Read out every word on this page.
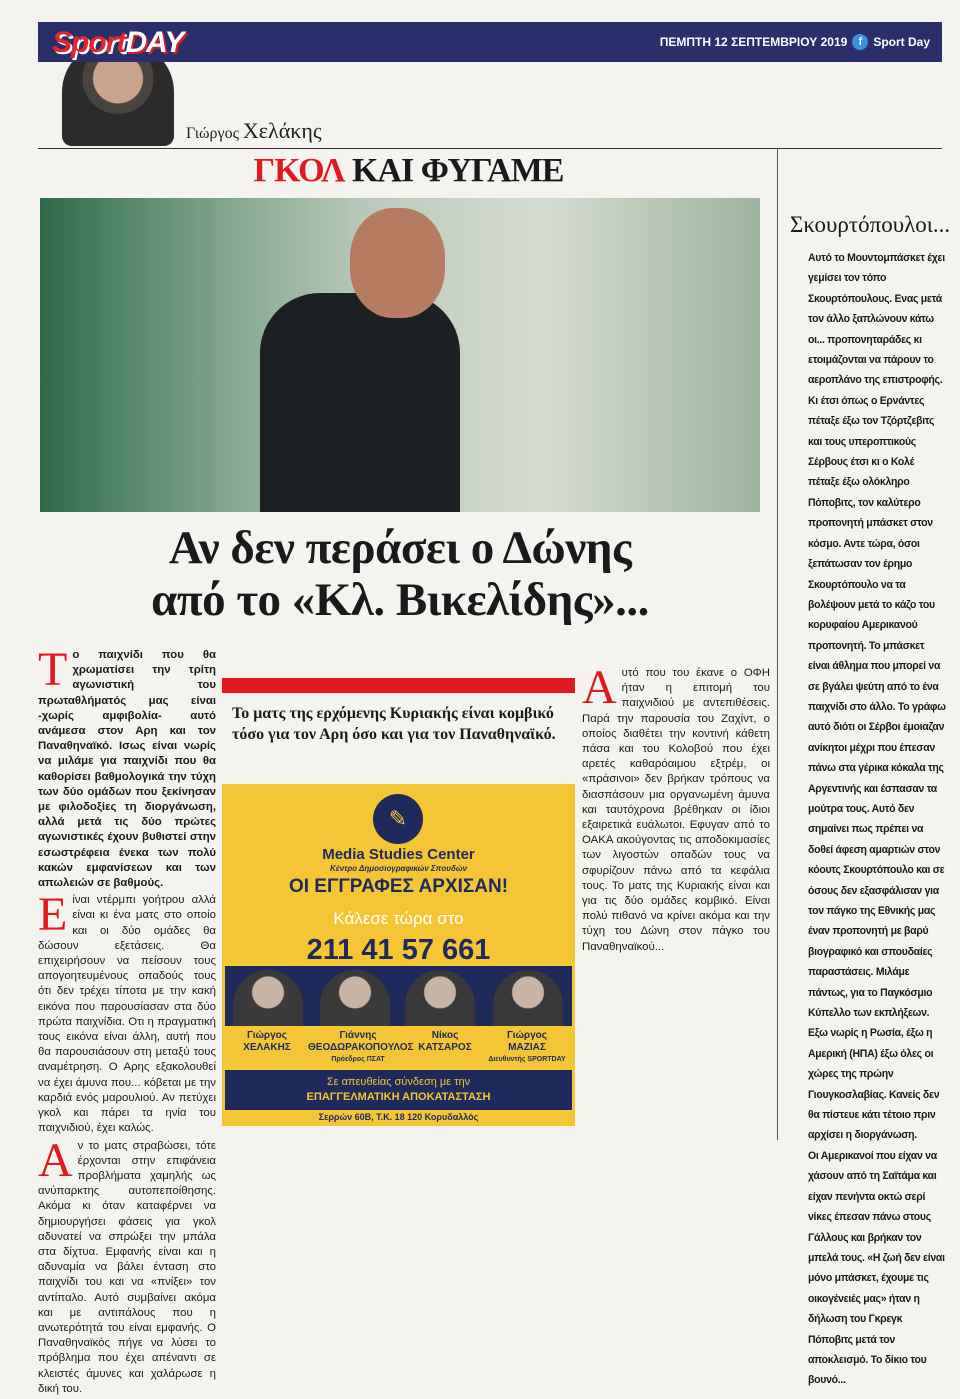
SportDAY	ΠΕΜΠΤΗ 12 ΣΕΠΤΕΜΒΡΙΟΥ 2019	f Sport Day
Γιώργος Χελάκης
ΓΚΟΛ ΚΑΙ ΦΥΓΑΜΕ
Αν δεν περάσει ο Δώνης
από το «Κλ. Βικελίδης»...

Το παιχνίδι που θα χρωματίσει την τρίτη αγωνιστική του πρωταθλήματός μας είναι -χωρίς αμφιβολία- αυτό ανάμεσα στον Αρη και τον Παναθηναϊκό. Ισως είναι νωρίς να μιλάμε για παιχνίδι που θα καθορίσει βαθμολογικά την τύχη των δύο ομάδων που ξεκίνησαν με φιλοδοξίες τη διοργάνωση, αλλά μετά τις δύο πρώτες αγωνιστικές έχουν βυθιστεί στην εσωστρέφεια ένεκα των πολύ κακών εμφανίσεων και των απωλειών σε βαθμούς.

Είναι ντέρμπι γοήτρου αλλά είναι κι ένα ματς στο οποίο και οι δύο ομάδες θα δώσουν εξετάσεις. Θα επιχειρήσουν να πείσουν τους απογοητευμένους οπαδούς τους ότι δεν τρέχει τίποτα με την κακή εικόνα που παρουσίασαν στα δύο πρώτα παιχνίδια. Οτι η πραγματική τους εικόνα είναι άλλη, αυτή που θα παρουσιάσουν στη μεταξύ τους αναμέτρηση. Ο Αρης εξακολουθεί να έχει άμυνα που... κόβεται με την καρδιά ενός μαρουλιού. Αν πετύχει γκολ και πάρει τα ηνία του παιχνιδιού, έχει καλώς.

Αν το ματς στραβώσει, τότε έρχονται στην επιφάνεια προβλήματα χαμηλής ως ανύπαρκτης αυτοπεποίθησης. Ακόμα κι όταν καταφέρνει να δημιουργήσει φάσεις για γκολ αδυνατεί να σπρώξει την μπάλα στα δίχτυα. Εμφανής είναι και η αδυναμία να βάλει ένταση στο παιχνίδι του και να «πνίξει» τον αντίπαλο. Αυτό συμβαίνει ακόμα και με αντιπάλους που η ανωτερότητά του είναι εμφανής. Ο Παναθηναϊκός πήγε να λύσει το πρόβλημα που έχει απέναντι σε κλειστές άμυνες και χαλάρωσε η δική του.

Το ματς της ερχόμενης Κυριακής είναι κομβικό τόσο για τον Αρη όσο και για τον Παναθηναϊκό.
✎
Media Studies Center
Κέντρο Δημοσιογραφικών Σπουδών
ΟΙ ΕΓΓΡΑΦΕΣ ΑΡΧΙΣΑΝ!
Κάλεσε τώρα στο
211 41 57 661
Γιώργος
ΧΕΛΑΚΗΣ
Γιάννης
ΘΕΟΔΩΡΑΚΟΠΟΥΛΟΣ
Πρόεδρος ΠΣΑΤ
Νίκος
ΚΑΤΣΑΡΟΣ
Γιώργος
ΜΑΖΙΑΣ
Διευθυντής SPORTDAY
Σε απευθείας σύνδεση με την
ΕΠΑΓΓΕΛΜΑΤΙΚΗ ΑΠΟΚΑΤΑΣΤΑΣΗ
Σερρών 60Β, Τ.Κ. 18 120 Κορυδαλλός

Αυτό που του έκανε ο ΟΦΗ ήταν η επιτομή του παιχνιδιού με αντεπιθέσεις. Παρά την παρουσία του Ζαχίντ, ο οποίος διαθέτει την κοντινή κάθετη πάσα και του Κολοβού που έχει αρετές καθαρόαιμου εξτρέμ, οι «πράσινοι» δεν βρήκαν τρόπους να διασπάσουν μια οργανωμένη άμυνα και ταυτόχρονα βρέθηκαν οι ίδιοι εξαιρετικά ευάλωτοι. Εφυγαν από το ΟΑΚΑ ακούγοντας τις αποδοκιμασίες των λιγοστών οπαδών τους να σφυρίζουν πάνω από τα κεφάλια τους. Το ματς της Κυριακής είναι και για τις δύο ομάδες κομβικό. Είναι πολύ πιθανό να κρίνει ακόμα και την τύχη του Δώνη στον πάγκο του Παναθηναϊκού...

Σκουρτόπουλοι...
Αυτό το Μουντομπάσκετ έχει γεμίσει τον τόπο Σκουρτόπουλους. Ενας μετά τον άλλο ξαπλώνουν κάτω οι... προπονηταράδες κι ετοιμάζονται να πάρουν το αεροπλάνο της επιστροφής. Κι έτσι όπως ο Ερνάντες πέταξε έξω τον Τζόρτζεβιτς και τους υπεροπτικούς Σέρβους έτσι κι ο Κολέ πέταξε έξω ολόκληρο Πόποβιτς, τον καλύτερο προπονητή μπάσκετ στον κόσμο. Αντε τώρα, όσοι ξεπάτωσαν τον έρημο Σκουρτόπουλο να τα βολέψουν μετά το κάζο του κορυφαίου Αμερικανού προπονητή. Το μπάσκετ είναι άθλημα που μπορεί να σε βγάλει ψεύτη από το ένα παιχνίδι στο άλλο. Το γράφω αυτό διότι οι Σέρβοι έμοιαζαν ανίκητοι μέχρι που έπεσαν πάνω στα γέρικα κόκαλα της Αργεντινής και έσπασαν τα μούτρα τους. Αυτό δεν σημαίνει πως πρέπει να δοθεί άφεση αμαρτιών στον κόουτς Σκουρτόπουλο και σε όσους δεν εξασφάλισαν για τον πάγκο της Εθνικής μας έναν προπονητή με βαρύ βιογραφικό και σπουδαίες παραστάσεις. Μιλάμε πάντως, για το Παγκόσμιο Κύπελλο των εκπλήξεων. Εξω νωρίς η Ρωσία, έξω η Αμερική (ΗΠΑ) έξω όλες οι χώρες της πρώην Γιουγκοσλαβίας. Κανείς δεν θα πίστευε κάτι τέτοιο πριν αρχίσει η διοργάνωση.
Οι Αμερικανοί που είχαν να χάσουν από τη Σαϊτάμα και είχαν πενήντα οκτώ σερί νίκες έπεσαν πάνω στους Γάλλους και βρήκαν τον μπελά τους. «Η ζωή δεν είναι μόνο μπάσκετ, έχουμε τις οικογένειές μας» ήταν η δήλωση του Γκρεγκ Πόποβιτς μετά τον αποκλεισμό. Το δίκιο του βουνό...
